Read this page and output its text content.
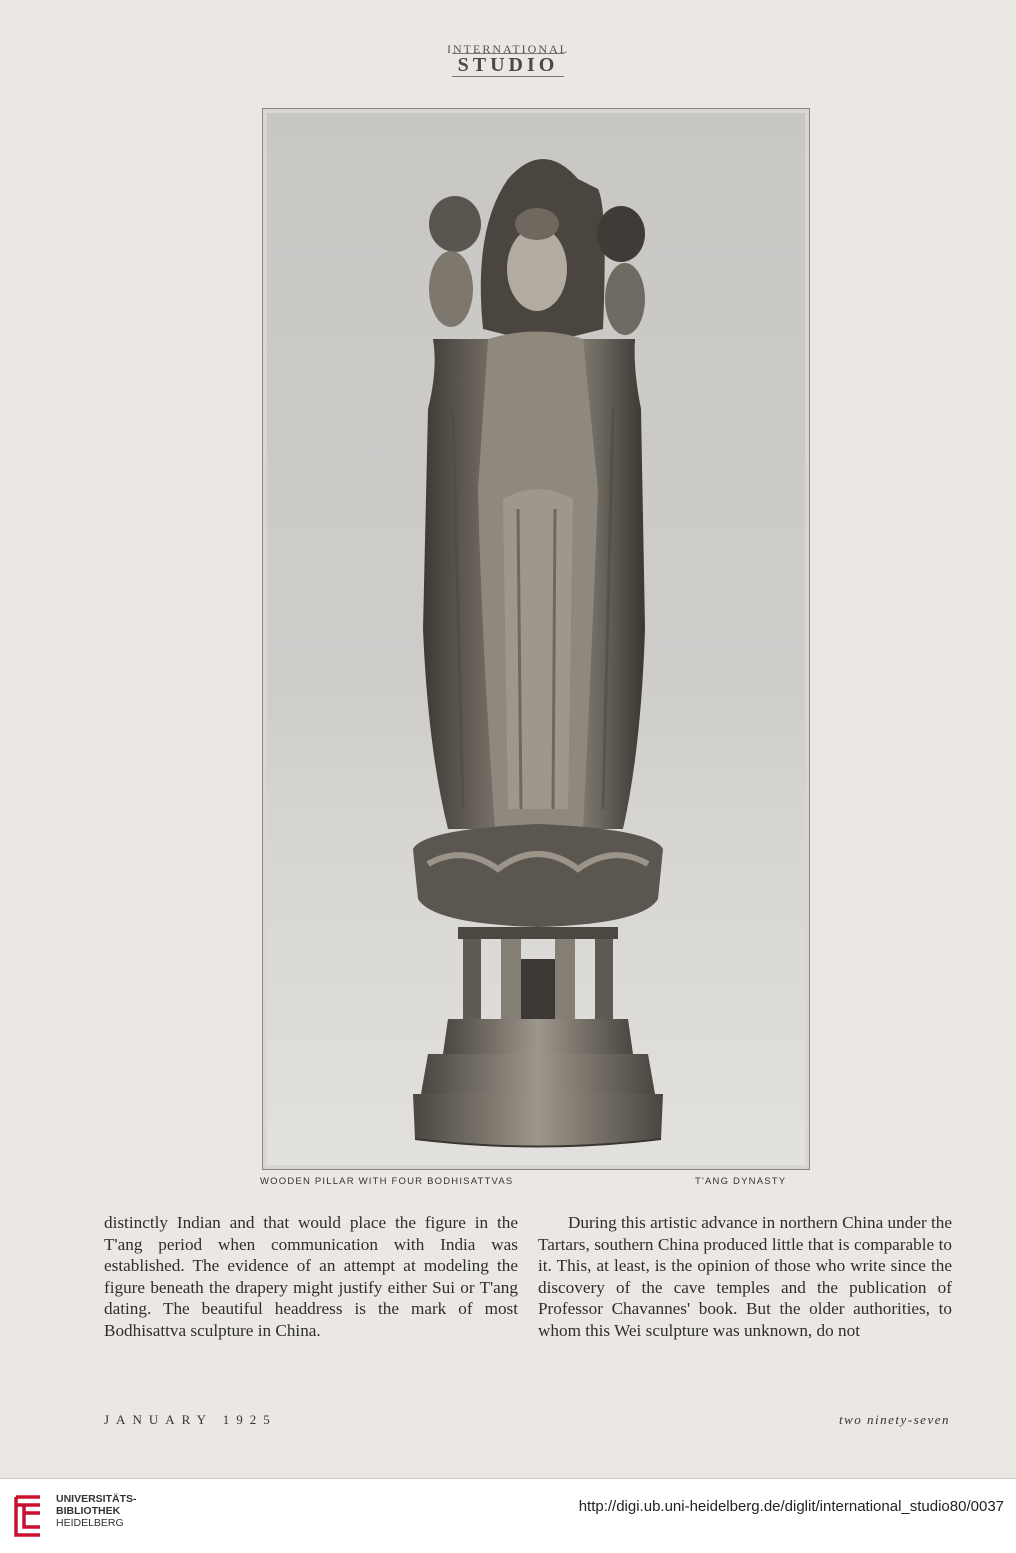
INTERNATIONAL
STUDIO
WOODEN PILLAR WITH FOUR BODHISATTVAS	T'ANG DYNASTY
distinctly Indian and that would place the figure in the T'ang period when communication with India was established. The evidence of an attempt at modeling the figure beneath the drapery might justify either Sui or T'ang dating. The beautiful headdress is the mark of most Bodhisattva sculpture in China.
During this artistic advance in northern China under the Tartars, southern China produced little that is comparable to it. This, at least, is the opinion of those who write since the discovery of the cave temples and the publication of Professor Chavannes' book. But the older authorities, to whom this Wei sculpture was unknown, do not
JANUARY 1925	two ninety-seven
UNIVERSITÄTS-
BIBLIOTHEK
HEIDELBERG
http://digi.ub.uni-heidelberg.de/diglit/international_studio80/0037
